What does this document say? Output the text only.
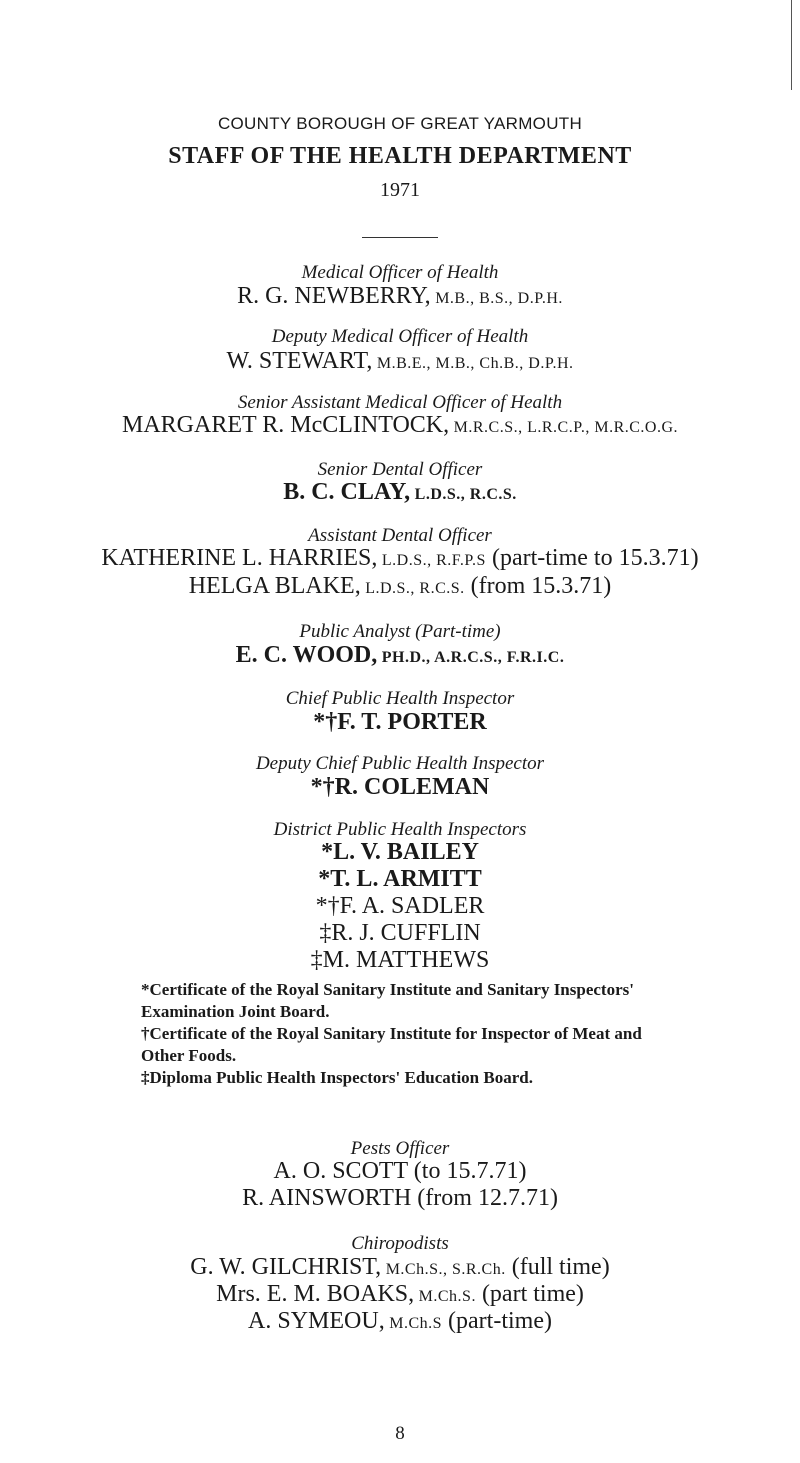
COUNTY BOROUGH OF GREAT YARMOUTH
STAFF OF THE HEALTH DEPARTMENT
1971
Medical Officer of Health
R. G. NEWBERRY, M.B., B.S., D.P.H.
Deputy Medical Officer of Health
W. STEWART, M.B.E., M.B., Ch.B., D.P.H.
Senior Assistant Medical Officer of Health
MARGARET R. McCLINTOCK, M.R.C.S., L.R.C.P., M.R.C.O.G.
Senior Dental Officer
B. C. CLAY, L.D.S., R.C.S.
Assistant Dental Officer
KATHERINE L. HARRIES, L.D.S., R.F.P.S (part-time to 15.3.71)
HELGA BLAKE, L.D.S., R.C.S. (from 15.3.71)
Public Analyst (Part-time)
E. C. WOOD, PH.D., A.R.C.S., F.R.I.C.
Chief Public Health Inspector
*†F. T. PORTER
Deputy Chief Public Health Inspector
*†R. COLEMAN
District Public Health Inspectors
*L. V. BAILEY
*T. L. ARMITT
*†F. A. SADLER
‡R. J. CUFFLIN
‡M. MATTHEWS

*Certificate of the Royal Sanitary Institute and Sanitary Inspectors' Examination Joint Board.

†Certificate of the Royal Sanitary Institute for Inspector of Meat and Other Foods.

‡Diploma Public Health Inspectors' Education Board.

Pests Officer
A. O. SCOTT (to 15.7.71)
R. AINSWORTH (from 12.7.71)
Chiropodists
G. W. GILCHRIST, M.Ch.S., S.R.Ch. (full time)
Mrs. E. M. BOAKS, M.Ch.S. (part time)
A. SYMEOU, M.Ch.S (part-time)
8
